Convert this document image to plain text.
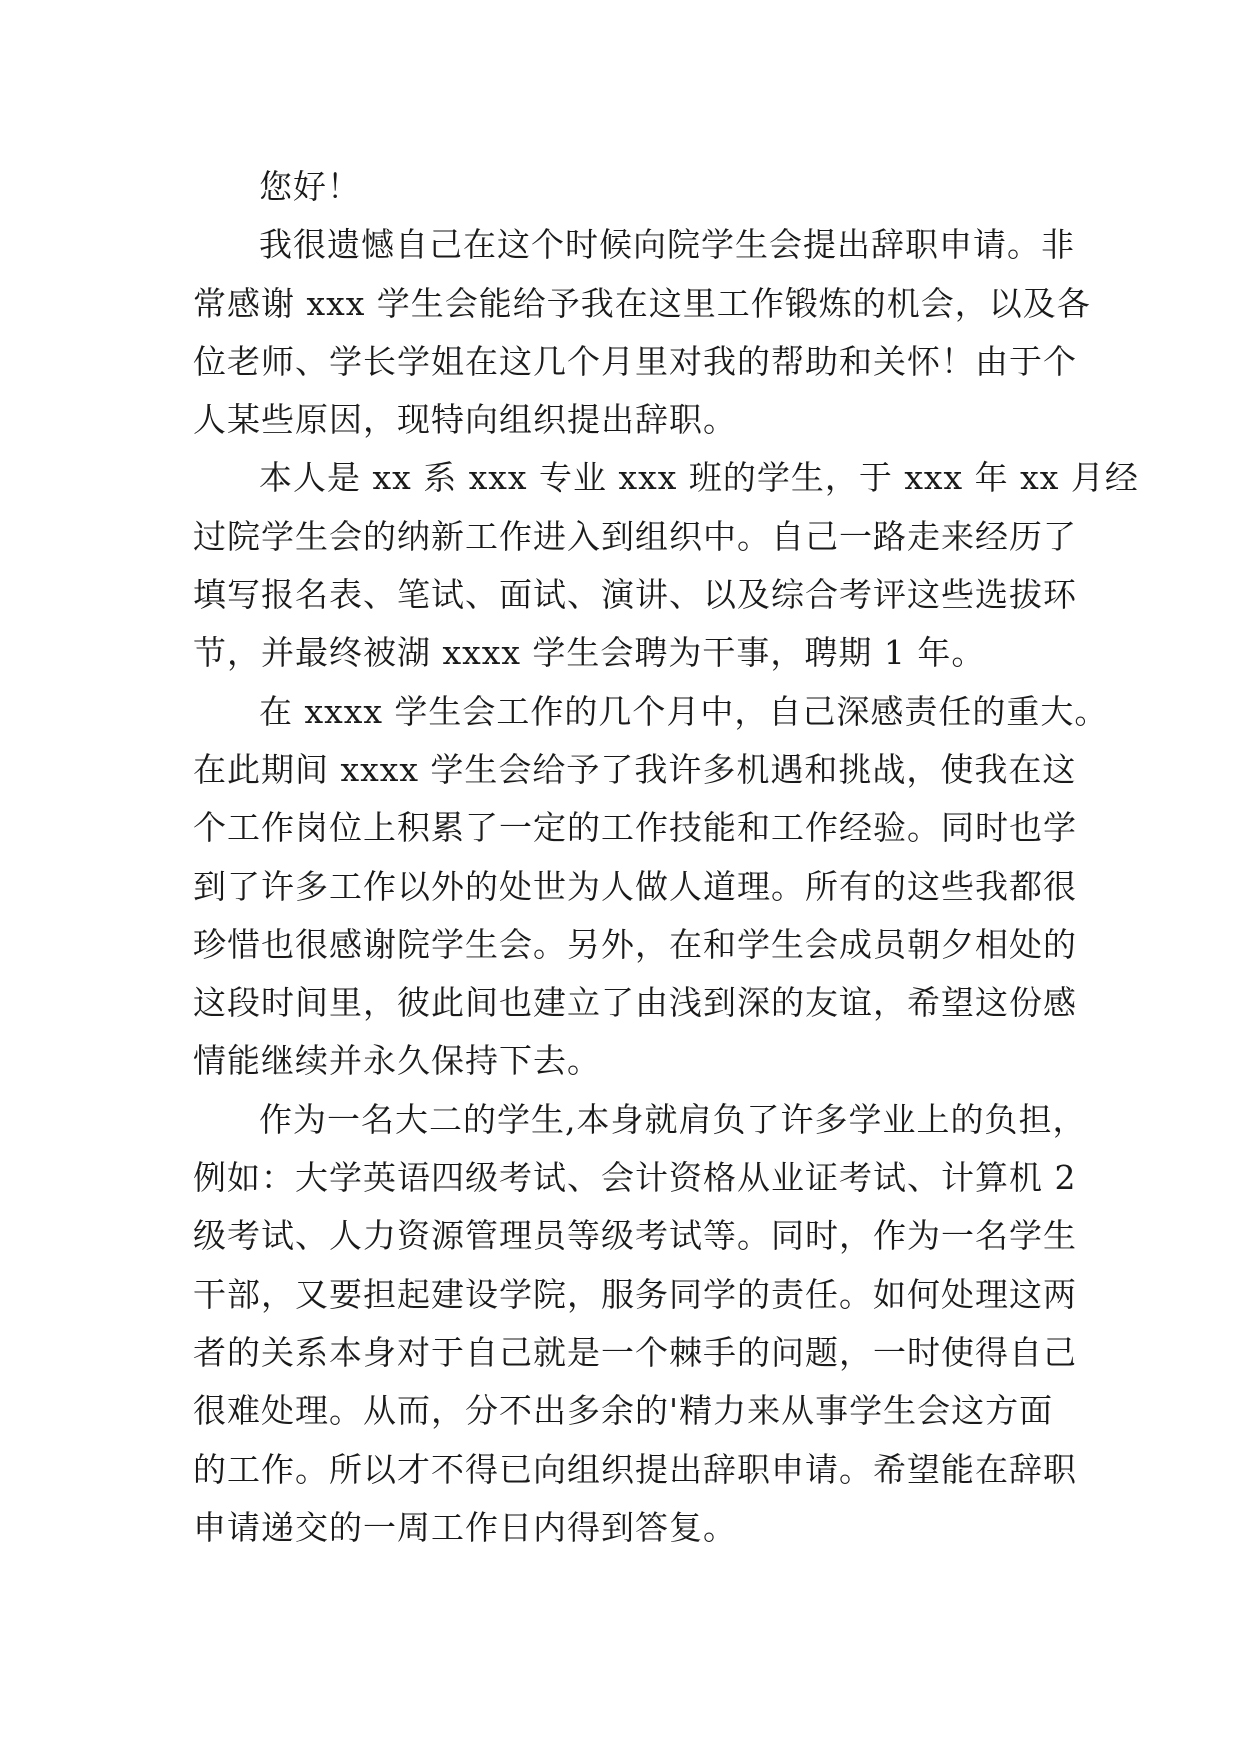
您好！
我很遗憾自己在这个时候向院学生会提出辞职申请。非
常感谢 xxx 学生会能给予我在这里工作锻炼的机会，以及各
位老师、学长学姐在这几个月里对我的帮助和关怀！由于个
人某些原因，现特向组织提出辞职。
本人是 xx 系 xxx 专业 xxx 班的学生，于 xxx 年 xx 月经
过院学生会的纳新工作进入到组织中。自己一路走来经历了
填写报名表、笔试、面试、演讲、以及综合考评这些选拔环
节，并最终被湖 xxxx 学生会聘为干事，聘期 1 年。
在 xxxx 学生会工作的几个月中，自己深感责任的重大。
在此期间 xxxx 学生会给予了我许多机遇和挑战，使我在这
个工作岗位上积累了一定的工作技能和工作经验。同时也学
到了许多工作以外的处世为人做人道理。所有的这些我都很
珍惜也很感谢院学生会。另外，在和学生会成员朝夕相处的
这段时间里，彼此间也建立了由浅到深的友谊，希望这份感
情能继续并永久保持下去。
作为一名大二的学生,本身就肩负了许多学业上的负担，
例如：大学英语四级考试、会计资格从业证考试、计算机 2
级考试、人力资源管理员等级考试等。同时，作为一名学生
干部，又要担起建设学院，服务同学的责任。如何处理这两
者的关系本身对于自己就是一个棘手的问题，一时使得自己
很难处理。从而，分不出多余的'精力来从事学生会这方面
的工作。所以才不得已向组织提出辞职申请。希望能在辞职
申请递交的一周工作日内得到答复。
